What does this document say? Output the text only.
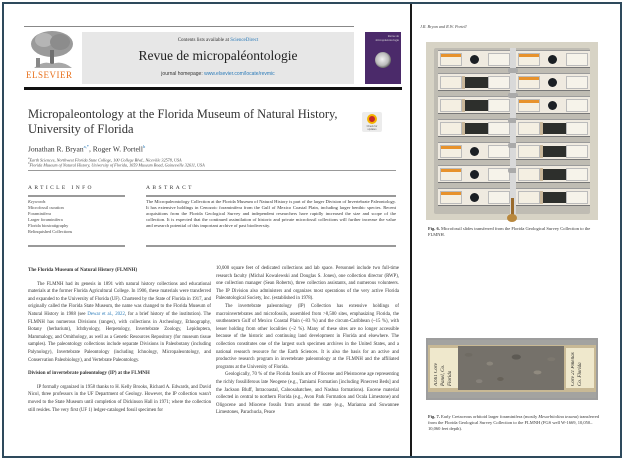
ELSEVIER
Contents lists available at ScienceDirect
Revue de micropaléontologie
journal homepage: www.elsevier.com/locate/revmic
Revue de micropaléontologie
Micropaleontology at the Florida Museum of Natural History, University of Florida	Check for updates
Jonathan R. Bryan$^{a,*}$, Roger W. Portell$^b$
$^a$Earth Sciences, Northwest Florida State College, 100 College Blvd., Niceville 32578, USA
$^b$Florida Museum of Natural History, University of Florida, 1659 Museum Road, Gainesville 32611, USA
ARTICLE INFO	ABSTRACT
Keywords
Microfossil curation
Foraminifera
Larger foraminifera
Florida biostratigraphy
Relinquished Collections
The Micropaleontology Collection at the Florida Museum of Natural History is part of the larger Division of Invertebrate Paleontology. It has extensive holdings in Cenozoic foraminifera from the Gulf of Mexico Coastal Plain, including larger benthic species. Recent acquisitions from the Florida Geological Survey and independent researchers have rapidly increased the size and scope of the collection. It is expected that the continued assimilation of historic and private microfossil collections will further increase the value and research potential of this important archive of past biodiversity.
The Florida Museum of Natural History (FLMNH)

The FLMNH had its genesis in 1891 with natural history collections and educational materials at the former Florida Agricultural College. In 1906, these materials were transferred and expanded to the University of Florida (UF). Chartered by the State of Florida in 1917, and originally called the Florida State Museum, the name was changed to the Florida Museum of Natural History in 1988 (see Dewar et al., 2022, for a brief history of the institution). The FLMNH has numerous Divisions (ranges), with collections in Archeology, Ethnography, Botany (herbarium), Ichthyology, Herpetology, Invertebrate Zoology, Lepidoptera, Mammalogy, and Ornithology, as well as a Genetic Resources Repository (for museum tissue samples). The paleontology collections include separate Divisions in Paleobotany (including Palynology), Invertebrate Paleontology (including Ichnology, Micropaleontology, and Conservation Paleobiology), and Vertebrate Paleontology.

Division of invertebrate paleontology (IP) at the FLMNH

IP formally organized in 1958 thanks to H. Kelly Brooks, Richard A. Edwards, and David Nicol, three professors in the UF Department of Geology. However, the IP collection wasn't moved to the State Museum until completion of Dickinson Hall in 1971; where the collection still resides. The very first (UF 1) ledger-cataloged fossil specimen for

10,000 square feet of dedicated collections and lab space. Personnel include two full-time research faculty (Michal Kowalewski and Douglas S. Jones), one collection director (RWP), one collection manager (Sean Roberts), three collection assistants, and numerous volunteers. The IP Division also administers and organizes most operations of the very active Florida Paleontological Society, Inc. (established in 1978).

The invertebrate paleontology (IP) Collection has extensive holdings of macroinvertebrates and microfossils, assembled from >8,500 sites, emphasizing Florida, the southeastern Gulf of Mexico Coastal Plain (~83 %) and the circum-Caribbean (~15 %), with lesser holding from other localities (~2 %). Many of these sites are no longer accessible because of the historic and continuing land development in Florida and elsewhere. The collection constitutes one of the largest such specimen archives in the United States, and a national research resource for the Earth Sciences. It is also the basis for an active and productive research program in invertebrate paleontology at the FLMNH and the affiliated programs at the University of Florida.

Geologically, 70 % of the Florida fossils are of Pliocene and Pleistocene age representing the richly fossiliferous late Neogene (e.g., Tamiami Formation [including Pinecrest Beds] and the Jackson Bluff, Intracoastal, Caloosahatchee, and Nashua formations). Eocene material collected in central to northern Florida (e.g., Avon Park Formation and Ocala Limestone) and Oligocene and Miocene fossils from around the state (e.g., Marianna and Suwannee Limestones, Parachucla, Peace

J.R. Bryan and R.W. Portell
Fig. 6. Microfossil slides transferred from the Florida Geological Survey Collection to the FLMNH.
A.661 Core Panel, Co. Florida	Core 21 Pinellas Co. Florida
Fig. 7. Early Cretaceous orbitoid larger foraminifera (mostly Mesorbitolina texana) transferred from the Florida Geological Survey Collection to the FLMNH (FGS well W-1669, 10,050–10,060 feet depth).
